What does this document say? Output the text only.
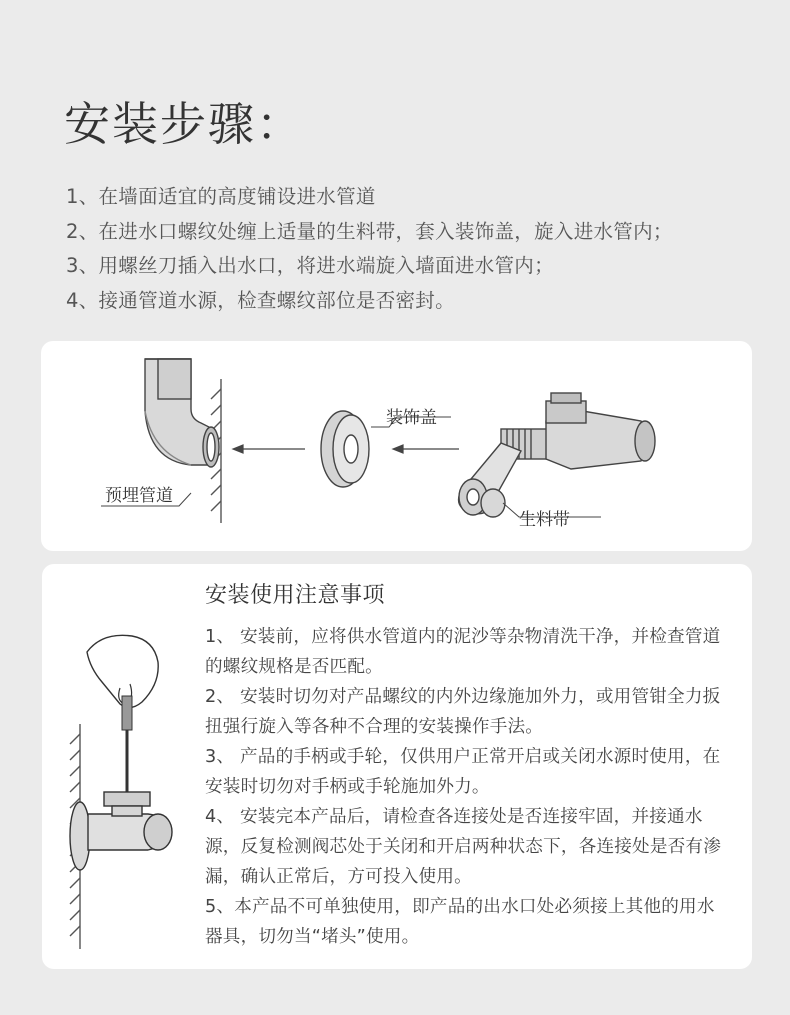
安装步骤：
1、在墙面适宜的高度铺设进水管道
2、在进水口螺纹处缠上适量的生料带，套入装饰盖，旋入进水管内；
3、用螺丝刀插入出水口，将进水端旋入墙面进水管内；
4、接通管道水源，检查螺纹部位是否密封。
预埋管道
装饰盖
生料带
安装使用注意事项

1、 安装前，应将供水管道内的泥沙等杂物清洗干净，并检查管道的螺纹规格是否匹配。

2、 安装时切勿对产品螺纹的内外边缘施加外力，或用管钳全力扳扭强行旋入等各种不合理的安装操作手法。

3、 产品的手柄或手轮，仅供用户正常开启或关闭水源时使用，在安装时切勿对手柄或手轮施加外力。

4、 安装完本产品后，请检查各连接处是否连接牢固，并接通水源，反复检测阀芯处于关闭和开启两种状态下，各连接处是否有渗漏，确认正常后，方可投入使用。

5、本产品不可单独使用，即产品的出水口处必须接上其他的用水器具，切勿当“堵头”使用。
